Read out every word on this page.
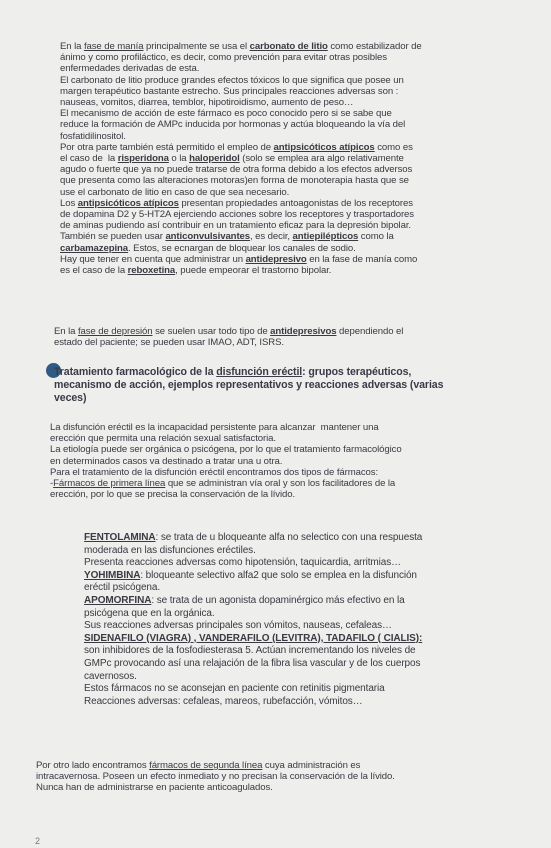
En la fase de manía principalmente se usa el carbonato de litio como estabilizador de
ánimo y como profiláctico, es decir, como prevención para evitar otras posibles
enfermedades derivadas de esta.
El carbonato de litio produce grandes efectos tóxicos lo que significa que posee un
margen terapéutico bastante estrecho. Sus principales reacciones adversas son :
nauseas, vomitos, diarrea, temblor, hipotiroidismo, aumento de peso…
El mecanismo de acción de este fármaco es poco conocido pero si se sabe que
reduce la formación de AMPc inducida por hormonas y actúa bloqueando la vía del
fosfatidilinositol.
Por otra parte también está permitido el empleo de antipsicóticos atípicos como es
el caso de  la risperidona o la haloperidol (solo se emplea ara algo relativamente
agudo o fuerte que ya no puede tratarse de otra forma debido a los efectos adversos
que presenta como las alteraciones motoras)en forma de monoterapia hasta que se
use el carbonato de litio en caso de que sea necesario.
Los antipsicóticos atípicos presentan propiedades antoagonistas de los receptores
de dopamina D2 y 5-HT2A ejerciendo acciones sobre los receptores y trasportadores
de aminas pudiendo así contribuir en un tratamiento eficaz para la depresión bipolar.
También se pueden usar anticonvulsivantes, es decir, antiepilépticos como la
carbamazepina. Estos, se ecnargan de bloquear los canales de sodio.
Hay que tener en cuenta que administrar un antidepresivo en la fase de manía como
es el caso de la reboxetina, puede empeorar el trastorno bipolar.
En la fase de depresión se suelen usar todo tipo de antidepresivos dependiendo el
estado del paciente; se pueden usar IMAO, ADT, ISRS.
Tratamiento farmacológico de la disfunción eréctil: grupos terapéuticos,
mecanismo de acción, ejemplos representativos y reacciones adversas (varias
veces)
La disfunción eréctil es la incapacidad persistente para alcanzar  mantener una
erección que permita una relación sexual satisfactoria.
La etiología puede ser orgánica o psicógena, por lo que el tratamiento farmacológico
en determinados casos va destinado a tratar una u otra.
Para el tratamiento de la disfunción eréctil encontramos dos tipos de fármacos:
-Fármacos de primera línea que se administran vía oral y son los facilitadores de la
erección, por lo que se precisa la conservación de la lívido.
FENTOLAMINA: se trata de u bloqueante alfa no selectico con una respuesta
moderada en las disfunciones eréctiles.
Presenta reacciones adversas como hipotensión, taquicardia, arritmias…
YOHIMBINA: bloqueante selectivo alfa2 que solo se emplea en la disfunción
eréctil psicógena.
APOMORFINA: se trata de un agonista dopaminérgico más efectivo en la
psicógena que en la orgánica.
Sus reacciones adversas principales son vómitos, nauseas, cefaleas…
SIDENAFILO (VIAGRA) , VANDERAFILO (LEVITRA), TADAFILO ( CIALIS):
son inhibidores de la fosfodiesterasa 5. Actúan incrementando los niveles de
GMPc provocando así una relajación de la fibra lisa vascular y de los cuerpos
cavernosos.
Estos fármacos no se aconsejan en paciente con retinitis pigmentaria
Reacciones adversas: cefaleas, mareos, rubefacción, vómitos…
Por otro lado encontramos fármacos de segunda línea cuya administración es
intracavernosa. Poseen un efecto inmediato y no precisan la conservación de la lívido.
Nunca han de administrarse en paciente anticoagulados.
2
